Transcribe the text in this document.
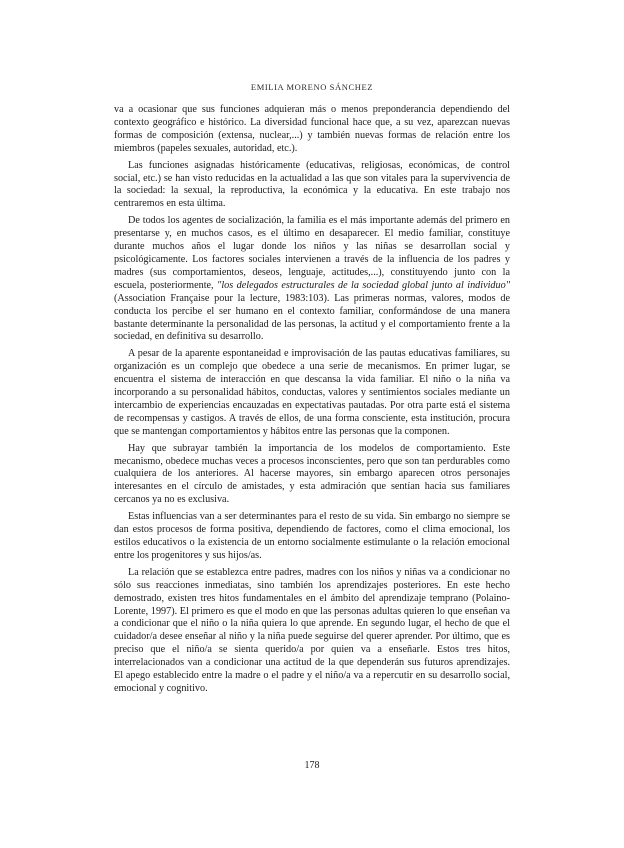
EMILIA MORENO SÁNCHEZ

va a ocasionar que sus funciones adquieran más o menos preponderancia dependiendo del contexto geográfico e histórico. La diversidad funcional hace que, a su vez, aparezcan nuevas formas de composición (extensa, nuclear,...) y también nuevas formas de relación entre los miembros (papeles sexuales, autoridad, etc.).

Las funciones asignadas históricamente (educativas, religiosas, económicas, de control social, etc.) se han visto reducidas en la actualidad a las que son vitales para la supervivencia de la sociedad: la sexual, la reproductiva, la económica y la educativa. En este trabajo nos centraremos en esta última.

De todos los agentes de socialización, la familia es el más importante además del primero en presentarse y, en muchos casos, es el último en desaparecer. El medio familiar, constituye durante muchos años el lugar donde los niños y las niñas se desarrollan social y psicológicamente. Los factores sociales intervienen a través de la influencia de los padres y madres (sus comportamientos, deseos, lenguaje, actitudes,...), constituyendo junto con la escuela, posteriormente, "los delegados estructurales de la sociedad global junto al individuo" (Association Française pour la lecture, 1983:103). Las primeras normas, valores, modos de conducta los percibe el ser humano en el contexto familiar, conformándose de una manera bastante determinante la personalidad de las personas, la actitud y el comportamiento frente a la sociedad, en definitiva su desarrollo.

A pesar de la aparente espontaneidad e improvisación de las pautas educativas familiares, su organización es un complejo que obedece a una serie de mecanismos. En primer lugar, se encuentra el sistema de interacción en que descansa la vida familiar. El niño o la niña va incorporando a su personalidad hábitos, conductas, valores y sentimientos sociales mediante un intercambio de experiencias encauzadas en expectativas pautadas. Por otra parte está el sistema de recompensas y castigos. A través de ellos, de una forma consciente, esta institución, procura que se mantengan comportamientos y hábitos entre las personas que la componen.

Hay que subrayar también la importancia de los modelos de comportamiento. Este mecanismo, obedece muchas veces a procesos inconscientes, pero que son tan perdurables como cualquiera de los anteriores. Al hacerse mayores, sin embargo aparecen otros personajes interesantes en el círculo de amistades, y esta admiración que sentían hacia sus familiares cercanos ya no es exclusiva.

Estas influencias van a ser determinantes para el resto de su vida. Sin embargo no siempre se dan estos procesos de forma positiva, dependiendo de factores, como el clima emocional, los estilos educativos o la existencia de un entorno socialmente estimulante o la relación emocional entre los progenitores y sus hijos/as.

La relación que se establezca entre padres, madres con los niños y niñas va a condicionar no sólo sus reacciones inmediatas, sino también los aprendizajes posteriores. En este hecho demostrado, existen tres hitos fundamentales en el ámbito del aprendizaje temprano (Polaino-Lorente, 1997). El primero es que el modo en que las personas adultas quieren lo que enseñan va a condicionar que el niño o la niña quiera lo que aprende. En segundo lugar, el hecho de que el cuidador/a desee enseñar al niño y la niña puede seguirse del querer aprender. Por último, que es preciso que el niño/a se sienta querido/a por quien va a enseñarle. Estos tres hitos, interrelacionados van a condicionar una actitud de la que dependerán sus futuros aprendizajes. El apego establecido entre la madre o el padre y el niño/a va a repercutir en su desarrollo social, emocional y cognitivo.

178
